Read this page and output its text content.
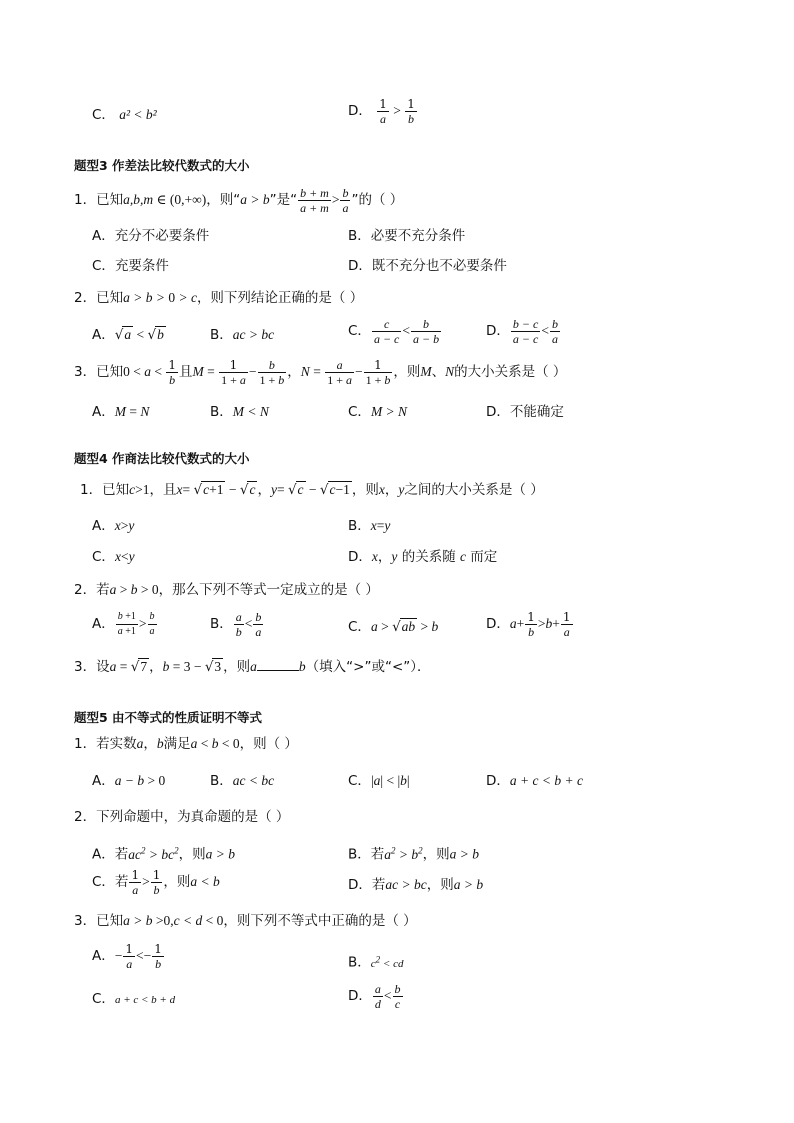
C． a² < b²	D． $\frac{1}{a} > \frac{1}{b}$
题型3 作差法比较代数式的大小
1．已知a,b,m ∈ (0,+∞)，则“a > b”是“ $\frac{b + m}{a + m} > \frac{b}{a}$ ”的（ ）
A．充分不必要条件	B．必要不充分条件
C．充要条件	D．既不充分也不必要条件
2．已知a > b > 0 > c，则下列结论正确的是（ ）
A．√a < √b	B．ac > bc	C． $\frac{c}{a - c} < \frac{b}{a - b}$	D． $\frac{b - c}{a - c} < \frac{b}{a}$
3．已知$0 < a < \frac{1}{b}$ 且$M = \frac{1}{1 + a} - \frac{b}{1 + b}$ ，$N = \frac{a}{1 + a} - \frac{1}{1 + b}$ ，则M、N的大小关系是（ ）
A．M = N	B．M < N	C．M > N	D．不能确定
题型4 作商法比较代数式的大小
1．已知c>1，且x= √c+1 − √c ，y= √c − √c−1 ，则x，y之间的大小关系是（ ）
A．x>y	B．x=y
C．x<y	D．x，y 的关系随 c 而定
2．若a > b > 0，那么下列不等式一定成立的是（ ）
A． $\frac{b +1}{a +1} > \frac{b}{a}$	B． $\frac{a}{b} < \frac{b}{a}$	C．a > √ab > b	D．$a+ \frac{1}{b} >b+ \frac{1}{a}$
3．设a = √7 ，b = 3 − √3 ，则a	b（填入“>”或“<”）．
题型5 由不等式的性质证明不等式
1．若实数a，b满足a < b < 0，则（ ）
A．a − b > 0	B．ac < bc	C．|a| < |b|	D．a + c < b + c
2．下列命题中，为真命题的是（ ）
A．若$ac^2 > bc^2$，则a > b	B．若$a^2 > b^2$，则a > b
C．若 $\frac{1}{a} > \frac{1}{b}$ ，则a < b	D．若ac > bc，则a > b
3．已知a > b >0,c < d < 0，则下列不等式中正确的是（ ）
A．− $\frac{1}{a} <- \frac{1}{b}$	B．$c^2$ < cd
C．a + c < b + d	D． $\frac{a}{d} < \frac{b}{c}$
